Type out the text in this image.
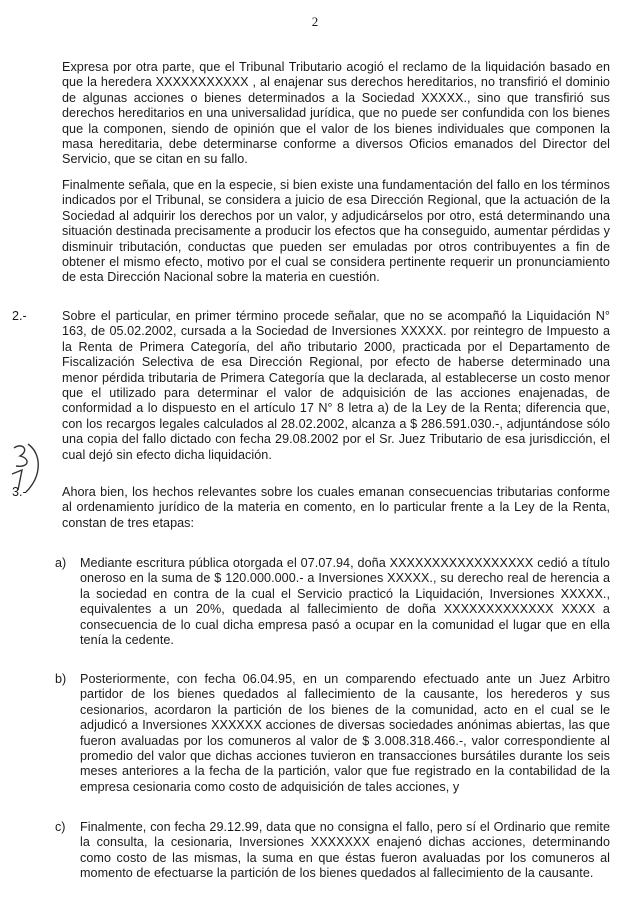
2

Expresa por otra parte, que el Tribunal Tributario acogió el reclamo de la liquidación basado en que la heredera XXXXXXXXXXX , al enajenar sus derechos hereditarios, no transfirió el dominio de algunas acciones o bienes determinados a la Sociedad XXXXX., sino que transfirió sus derechos hereditarios en una universalidad jurídica, que no puede ser confundida con los bienes que la componen, siendo de opinión que el valor de los bienes individuales que componen la masa hereditaria, debe determinarse conforme a diversos Oficios emanados del Director del Servicio, que se citan en su fallo.

Finalmente señala, que en la especie, si bien existe una fundamentación del fallo en los términos indicados por el Tribunal, se considera a juicio de esa Dirección Regional, que la actuación de la Sociedad al adquirir los derechos por un valor, y adjudicárselos por otro, está determinando una situación destinada precisamente a producir los efectos que ha conseguido, aumentar pérdidas y disminuir tributación, conductas que pueden ser emuladas por otros contribuyentes a fin de obtener el mismo efecto, motivo por el cual se considera pertinente requerir un pronunciamiento de esta Dirección Nacional sobre la materia en cuestión.

2.-	Sobre el particular, en primer término procede señalar, que no se acompañó la Liquidación N° 163, de 05.02.2002, cursada a la Sociedad de Inversiones XXXXX. por reintegro de Impuesto a la Renta de Primera Categoría, del año tributario 2000, practicada por el Departamento de Fiscalización Selectiva de esa Dirección Regional, por efecto de haberse determinado una menor pérdida tributaria de Primera Categoría que la declarada, al establecerse un costo menor que el utilizado para determinar el valor de adquisición de las acciones enajenadas, de conformidad a lo dispuesto en el artículo 17 N° 8 letra a) de la Ley de la Renta; diferencia que, con los recargos legales calculados al 28.02.2002, alcanza a $ 286.591.030.-, adjuntándose sólo una copia del fallo dictado con fecha 29.08.2002 por el Sr. Juez Tributario de esa jurisdicción, el cual dejó sin efecto dicha liquidación.

3.-	Ahora bien, los hechos relevantes sobre los cuales emanan consecuencias tributarias conforme al ordenamiento jurídico de la materia en comento, en lo particular frente a la Ley de la Renta, constan de tres etapas:

a) Mediante escritura pública otorgada el 07.07.94, doña XXXXXXXXXXXXXXXXX cedió a título oneroso en la suma de $ 120.000.000.- a Inversiones XXXXX., su derecho real de herencia a la sociedad en contra de la cual el Servicio practicó la Liquidación, Inversiones XXXXX., equivalentes a un 20%, quedada al fallecimiento de doña XXXXXXXXXXXXX XXXX a consecuencia de lo cual dicha empresa pasó a ocupar en la comunidad el lugar que en ella tenía la cedente.

b) Posteriormente, con fecha 06.04.95, en un comparendo efectuado ante un Juez Arbitro partidor de los bienes quedados al fallecimiento de la causante, los herederos y sus cesionarios, acordaron la partición de los bienes de la comunidad, acto en el cual se le adjudicó a Inversiones XXXXXX acciones de diversas sociedades anónimas abiertas, las que fueron avaluadas por los comuneros al valor de $ 3.008.318.466.-, valor correspondiente al promedio del valor que dichas acciones tuvieron en transacciones bursátiles durante los seis meses anteriores a la fecha de la partición, valor que fue registrado en la contabilidad de la empresa cesionaria como costo de adquisición de tales acciones, y

c) Finalmente, con fecha 29.12.99, data que no consigna el fallo, pero sí el Ordinario que remite la consulta, la cesionaria, Inversiones XXXXXXX enajenó dichas acciones, determinando como costo de las mismas, la suma en que éstas fueron avaluadas por los comuneros al momento de efectuarse la partición de los bienes quedados al fallecimiento de la causante.
